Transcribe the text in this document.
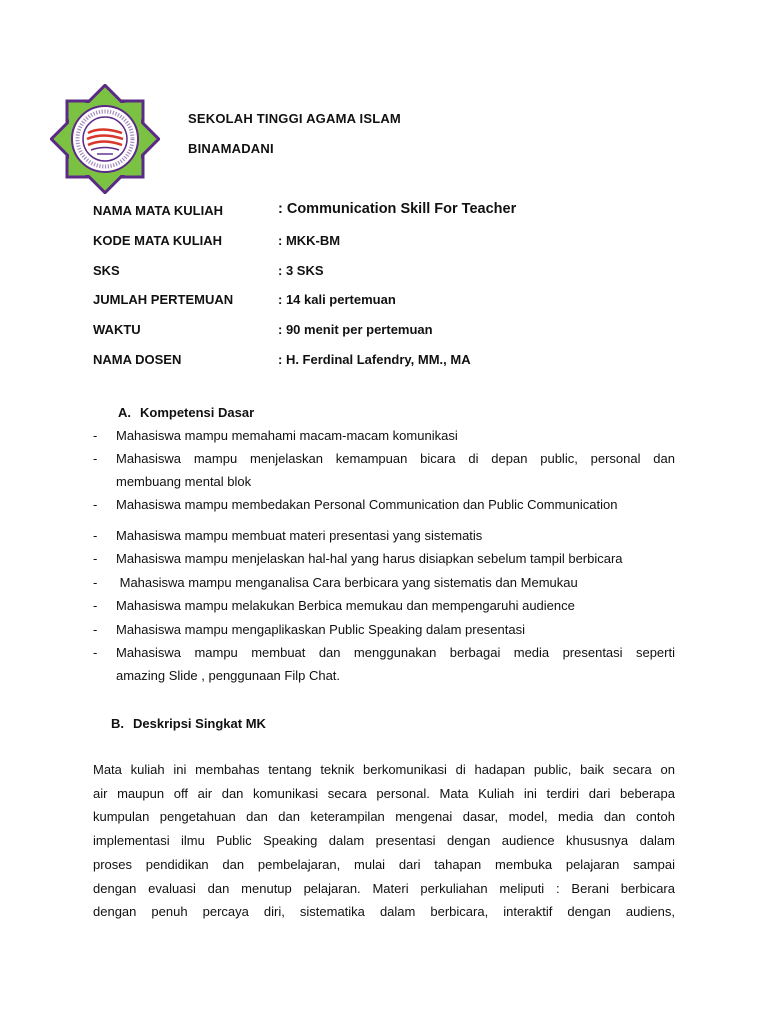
SEKOLAH TINGGI AGAMA ISLAM
BINAMADANI
NAMA MATA KULIAH	: Communication Skill For Teacher
KODE MATA KULIAH	: MKK-BM
SKS	: 3 SKS
JUMLAH PERTEMUAN	: 14 kali pertemuan
WAKTU	: 90 menit per pertemuan
NAMA DOSEN	: H. Ferdinal Lafendry, MM., MA
A. Kompetensi Dasar
- Mahasiswa mampu memahami macam-macam komunikasi
- Mahasiswa mampu menjelaskan kemampuan bicara di depan public, personal dan
membuang mental blok
- Mahasiswa mampu membedakan Personal Communication dan Public Communication
- Mahasiswa mampu membuat materi presentasi yang sistematis
- Mahasiswa mampu menjelaskan hal-hal yang harus disiapkan sebelum tampil berbicara
- Mahasiswa mampu menganalisa Cara berbicara yang sistematis dan Memukau
- Mahasiswa mampu melakukan Berbica memukau dan mempengaruhi audience
- Mahasiswa mampu mengaplikaskan Public Speaking dalam presentasi
- Mahasiswa mampu membuat dan menggunakan berbagai media presentasi seperti
amazing Slide , penggunaan Filp Chat.
B. Deskripsi Singkat MK
Mata kuliah ini membahas tentang teknik berkomunikasi di hadapan public, baik secara on
air maupun off air dan komunikasi secara personal. Mata Kuliah ini terdiri dari beberapa
kumpulan pengetahuan dan dan keterampilan mengenai dasar, model, media dan contoh
implementasi ilmu Public Speaking dalam presentasi dengan audience khususnya dalam
proses pendidikan dan pembelajaran, mulai dari tahapan membuka pelajaran sampai
dengan evaluasi dan menutup pelajaran. Materi perkuliahan meliputi : Berani berbicara
dengan penuh percaya diri, sistematika dalam berbicara, interaktif dengan audiens,
